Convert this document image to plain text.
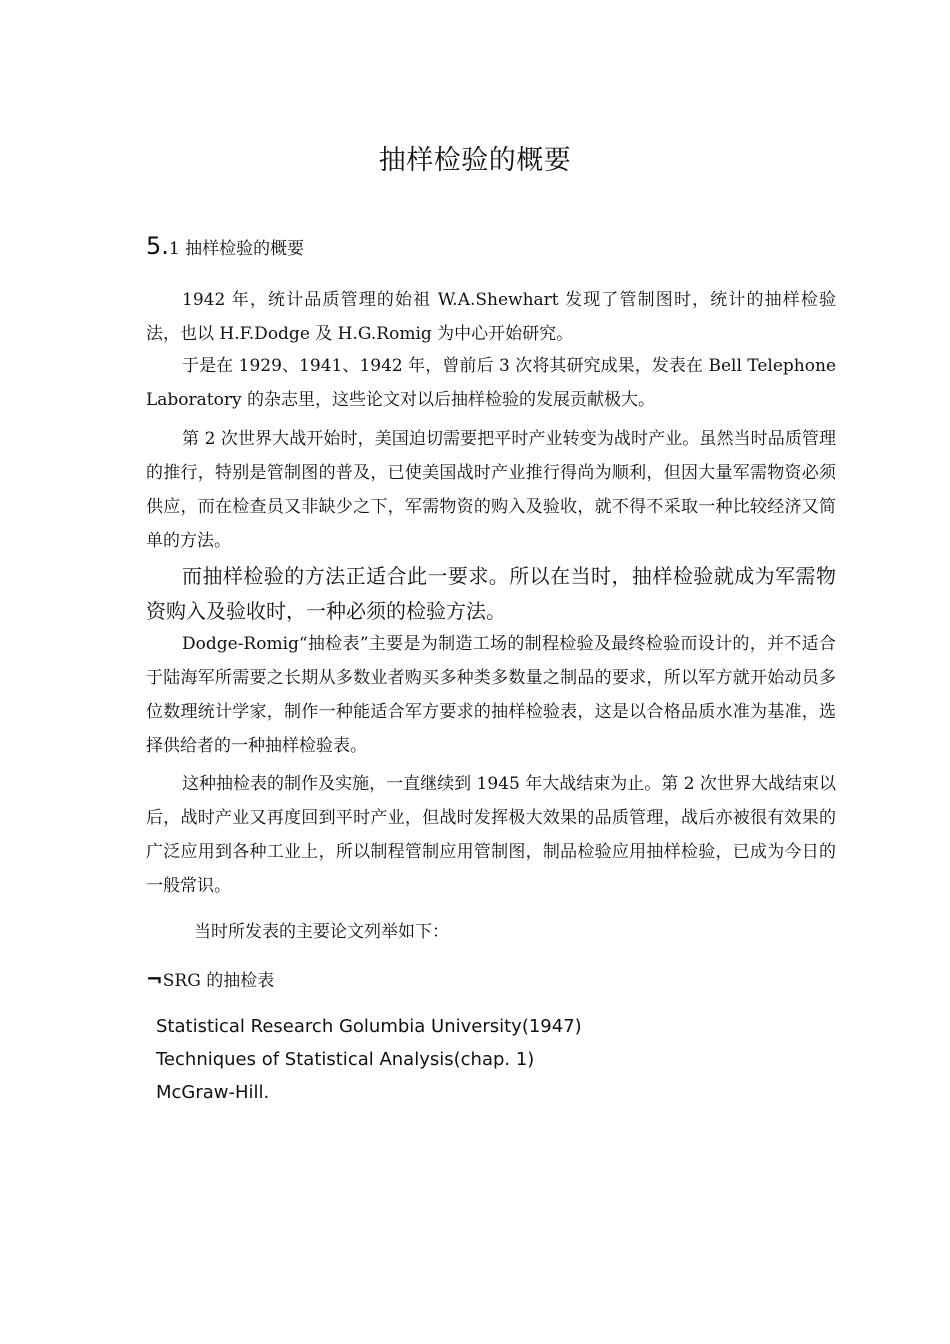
抽样检验的概要
5.1 抽样检验的概要

1942 年，统计品质管理的始祖 W.A.Shewhart 发现了管制图时，统计的抽样检验法，也以 H.F.Dodge 及 H.G.Romig 为中心开始研究。

于是在 1929、1941、1942 年，曾前后 3 次将其研究成果，发表在 Bell Telephone Laboratory 的杂志里，这些论文对以后抽样检验的发展贡献极大。

第 2 次世界大战开始时，美国迫切需要把平时产业转变为战时产业。虽然当时品质管理的推行，特别是管制图的普及，已使美国战时产业推行得尚为顺利，但因大量军需物资必须供应，而在检查员又非缺少之下，军需物资的购入及验收，就不得不采取一种比较经济又简单的方法。

而抽样检验的方法正适合此一要求。所以在当时，抽样检验就成为军需物资购入及验收时，一种必须的检验方法。

Dodge-Romig“抽检表”主要是为制造工场的制程检验及最终检验而设计的，并不适合于陆海军所需要之长期从多数业者购买多种类多数量之制品的要求，所以军方就开始动员多位数理统计学家，制作一种能适合军方要求的抽样检验表，这是以合格品质水准为基准，选择供给者的一种抽样检验表。

这种抽检表的制作及实施，一直继续到 1945 年大战结束为止。第 2 次世界大战结束以后，战时产业又再度回到平时产业，但战时发挥极大效果的品质管理，战后亦被很有效果的广泛应用到各种工业上，所以制程管制应用管制图，制品检验应用抽样检验，已成为今日的一般常识。

当时所发表的主要论文列举如下：
¬SRG 的抽检表
Statistical Research Golumbia University(1947)
Techniques of Statistical Analysis(chap. 1)
McGraw-Hill.
